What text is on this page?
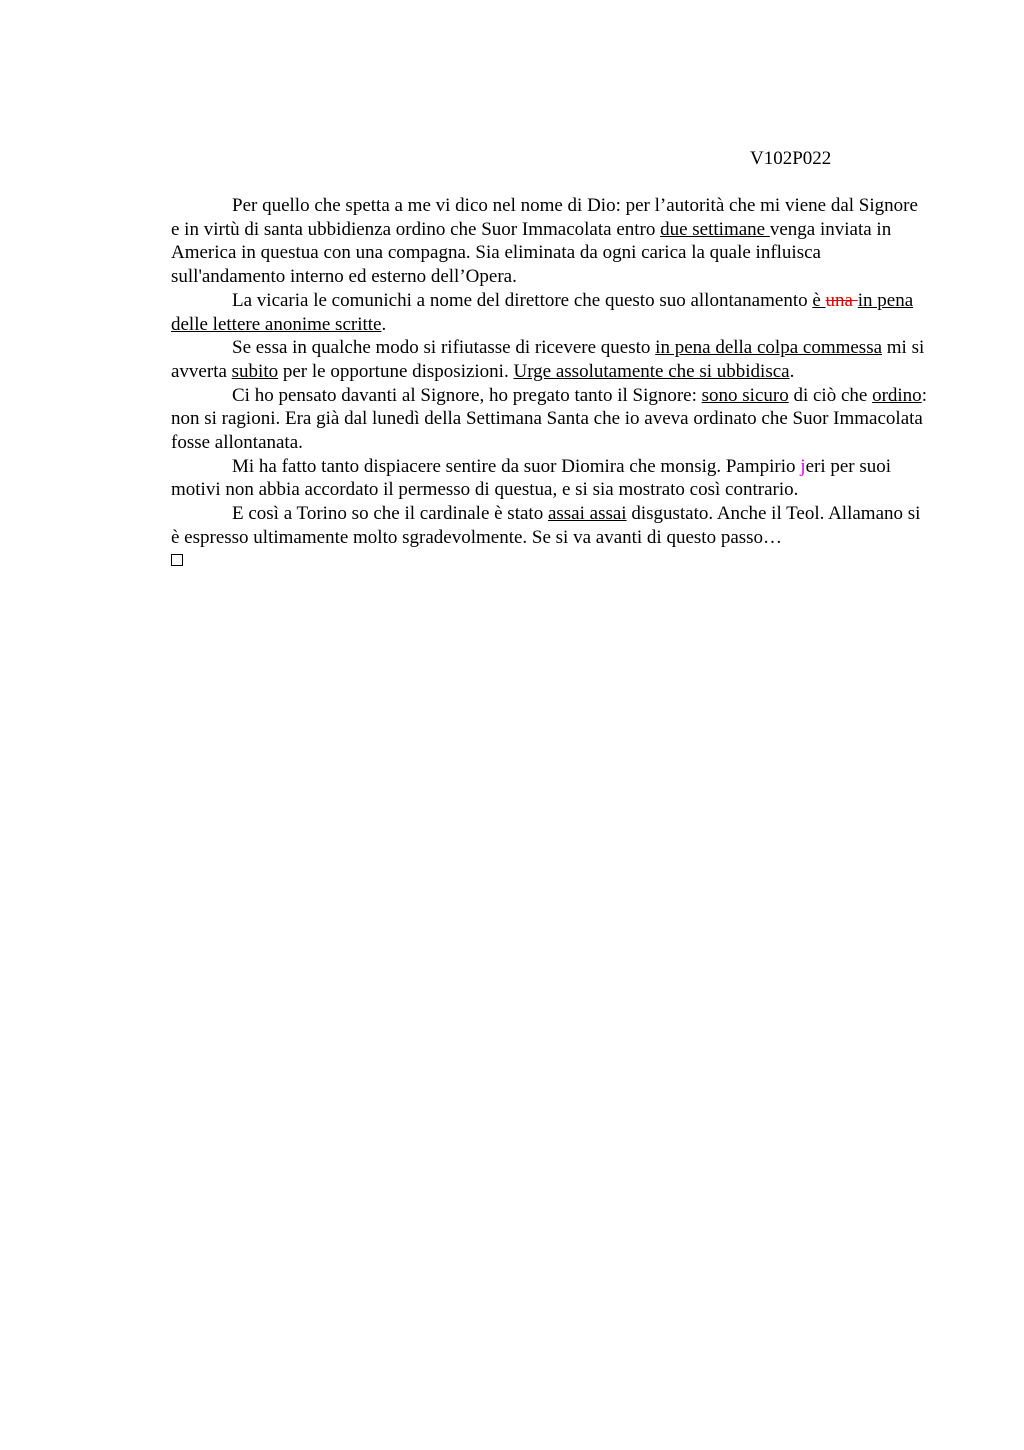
V102P022

Per quello che spetta a me vi dico nel nome di Dio: per l’autorità che mi viene dal Signore e in virtù di santa ubbidienza ordino che Suor Immacolata entro due settimane venga inviata in America in questua con una compagna. Sia eliminata da ogni carica la quale influisca sull'andamento interno ed esterno dell’Opera.

La vicaria le comunichi a nome del direttore che questo suo allontanamento è una in pena delle lettere anonime scritte.

Se essa in qualche modo si rifiutasse di ricevere questo in pena della colpa commessa mi si avverta subito per le opportune disposizioni. Urge assolutamente che si ubbidisca.

Ci ho pensato davanti al Signore, ho pregato tanto il Signore: sono sicuro di ciò che ordino: non si ragioni. Era già dal lunedì della Settimana Santa che io aveva ordinato che Suor Immacolata fosse allontanata.

Mi ha fatto tanto dispiacere sentire da suor Diomira che monsig. Pampirio jeri per suoi motivi non abbia accordato il permesso di questua, e si sia mostrato così contrario.

E così a Torino so che il cardinale è stato assai assai disgustato. Anche il Teol. Allamano si è espresso ultimamente molto sgradevolmente. Se si va avanti di questo passo…
